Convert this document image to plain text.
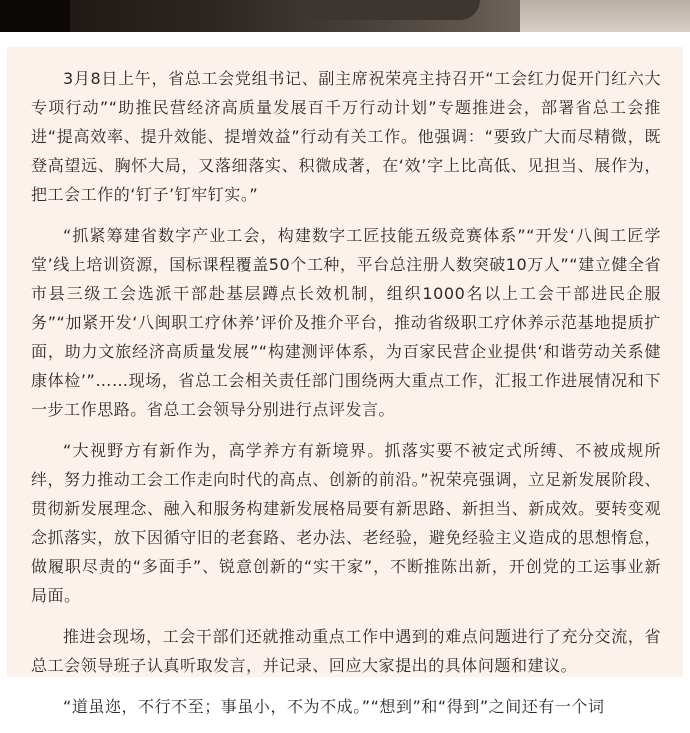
3月8日上午，省总工会党组书记、副主席祝荣亮主持召开“工会红力促开门红六大专项行动”“助推民营经济高质量发展百千万行动计划”专题推进会，部署省总工会推进“提高效率、提升效能、提增效益”行动有关工作。他强调：“要致广大而尽精微，既登高望远、胸怀大局，又落细落实、积微成著，在‘效’字上比高低、见担当、展作为，把工会工作的‘钉子’钉牢钉实。”

“抓紧筹建省数字产业工会，构建数字工匠技能五级竞赛体系”“开发‘八闽工匠学堂’线上培训资源，国标课程覆盖50个工种，平台总注册人数突破10万人”“建立健全省市县三级工会选派干部赴基层蹲点长效机制，组织1000名以上工会干部进民企服务”“加紧开发‘八闽职工疗休养’评价及推介平台，推动省级职工疗休养示范基地提质扩面，助力文旅经济高质量发展”“构建测评体系，为百家民营企业提供‘和谐劳动关系健康体检’”……现场，省总工会相关责任部门围绕两大重点工作，汇报工作进展情况和下一步工作思路。省总工会领导分别进行点评发言。

“大视野方有新作为，高学养方有新境界。抓落实要不被定式所缚、不被成规所绊，努力推动工会工作走向时代的高点、创新的前沿。”祝荣亮强调，立足新发展阶段、贯彻新发展理念、融入和服务构建新发展格局要有新思路、新担当、新成效。要转变观念抓落实，放下因循守旧的老套路、老办法、老经验，避免经验主义造成的思想惰怠，做履职尽责的“多面手”、锐意创新的“实干家”，不断推陈出新，开创党的工运事业新局面。

推进会现场，工会干部们还就推动重点工作中遇到的难点问题进行了充分交流，省总工会领导班子认真听取发言，并记录、回应大家提出的具体问题和建议。

“道虽迩，不行不至；事虽小，不为不成。”“想到”和“得到”之间还有一个词
